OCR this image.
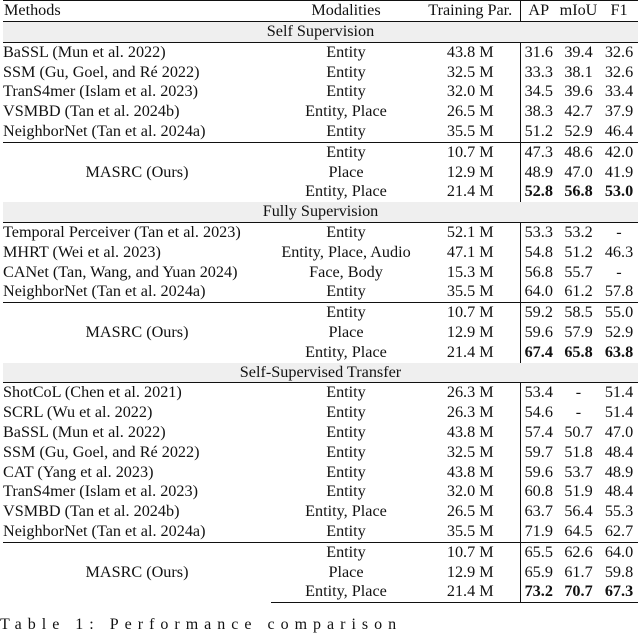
Methods	Modalities	Training Par.	AP	mIoU	F1
Self Supervision					
BaSSL (Mun et al. 2022)	Entity	43.8 M	31.6	39.4	32.6
SSM (Gu, Goel, and Ré 2022)	Entity	32.5 M	33.3	38.1	32.6
TranS4mer (Islam et al. 2023)	Entity	32.0 M	34.5	39.6	33.4
VSMBD (Tan et al. 2024b)	Entity, Place	26.5 M	38.3	42.7	37.9
NeighborNet (Tan et al. 2024a)	Entity	35.5 M	51.2	52.9	46.4
MASRC (Ours)	Entity	10.7 M	47.3	48.6	42.0
	Place	12.9 M	48.9	47.0	41.9
	Entity, Place	21.4 M	52.8	56.8	53.0
Fully Supervision					
Temporal Perceiver (Tan et al. 2023)	Entity	52.1 M	53.3	53.2	-
MHRT (Wei et al. 2023)	Entity, Place, Audio	47.1 M	54.8	51.2	46.3
CANet (Tan, Wang, and Yuan 2024)	Face, Body	15.3 M	56.8	55.7	-
NeighborNet (Tan et al. 2024a)	Entity	35.5 M	64.0	61.2	57.8
MASRC (Ours)	Entity	10.7 M	59.2	58.5	55.0
	Place	12.9 M	59.6	57.9	52.9
	Entity, Place	21.4 M	67.4	65.8	63.8
Self-Supervised Transfer					
ShotCoL (Chen et al. 2021)	Entity	26.3 M	53.4	-	51.4
SCRL (Wu et al. 2022)	Entity	26.3 M	54.6	-	51.4
BaSSL (Mun et al. 2022)	Entity	43.8 M	57.4	50.7	47.0
SSM (Gu, Goel, and Ré 2022)	Entity	32.5 M	59.7	51.8	48.4
CAT (Yang et al. 2023)	Entity	43.8 M	59.6	53.7	48.9
TranS4mer (Islam et al. 2023)	Entity	32.0 M	60.8	51.9	48.4
VSMBD (Tan et al. 2024b)	Entity, Place	26.5 M	63.7	56.4	55.3
NeighborNet (Tan et al. 2024a)	Entity	35.5 M	71.9	64.5	62.7
MASRC (Ours)	Entity	10.7 M	65.5	62.6	64.0
	Place	12.9 M	65.9	61.7	59.8
	Entity, Place	21.4 M	73.2	70.7	67.3
Table 1: Performance comparison
